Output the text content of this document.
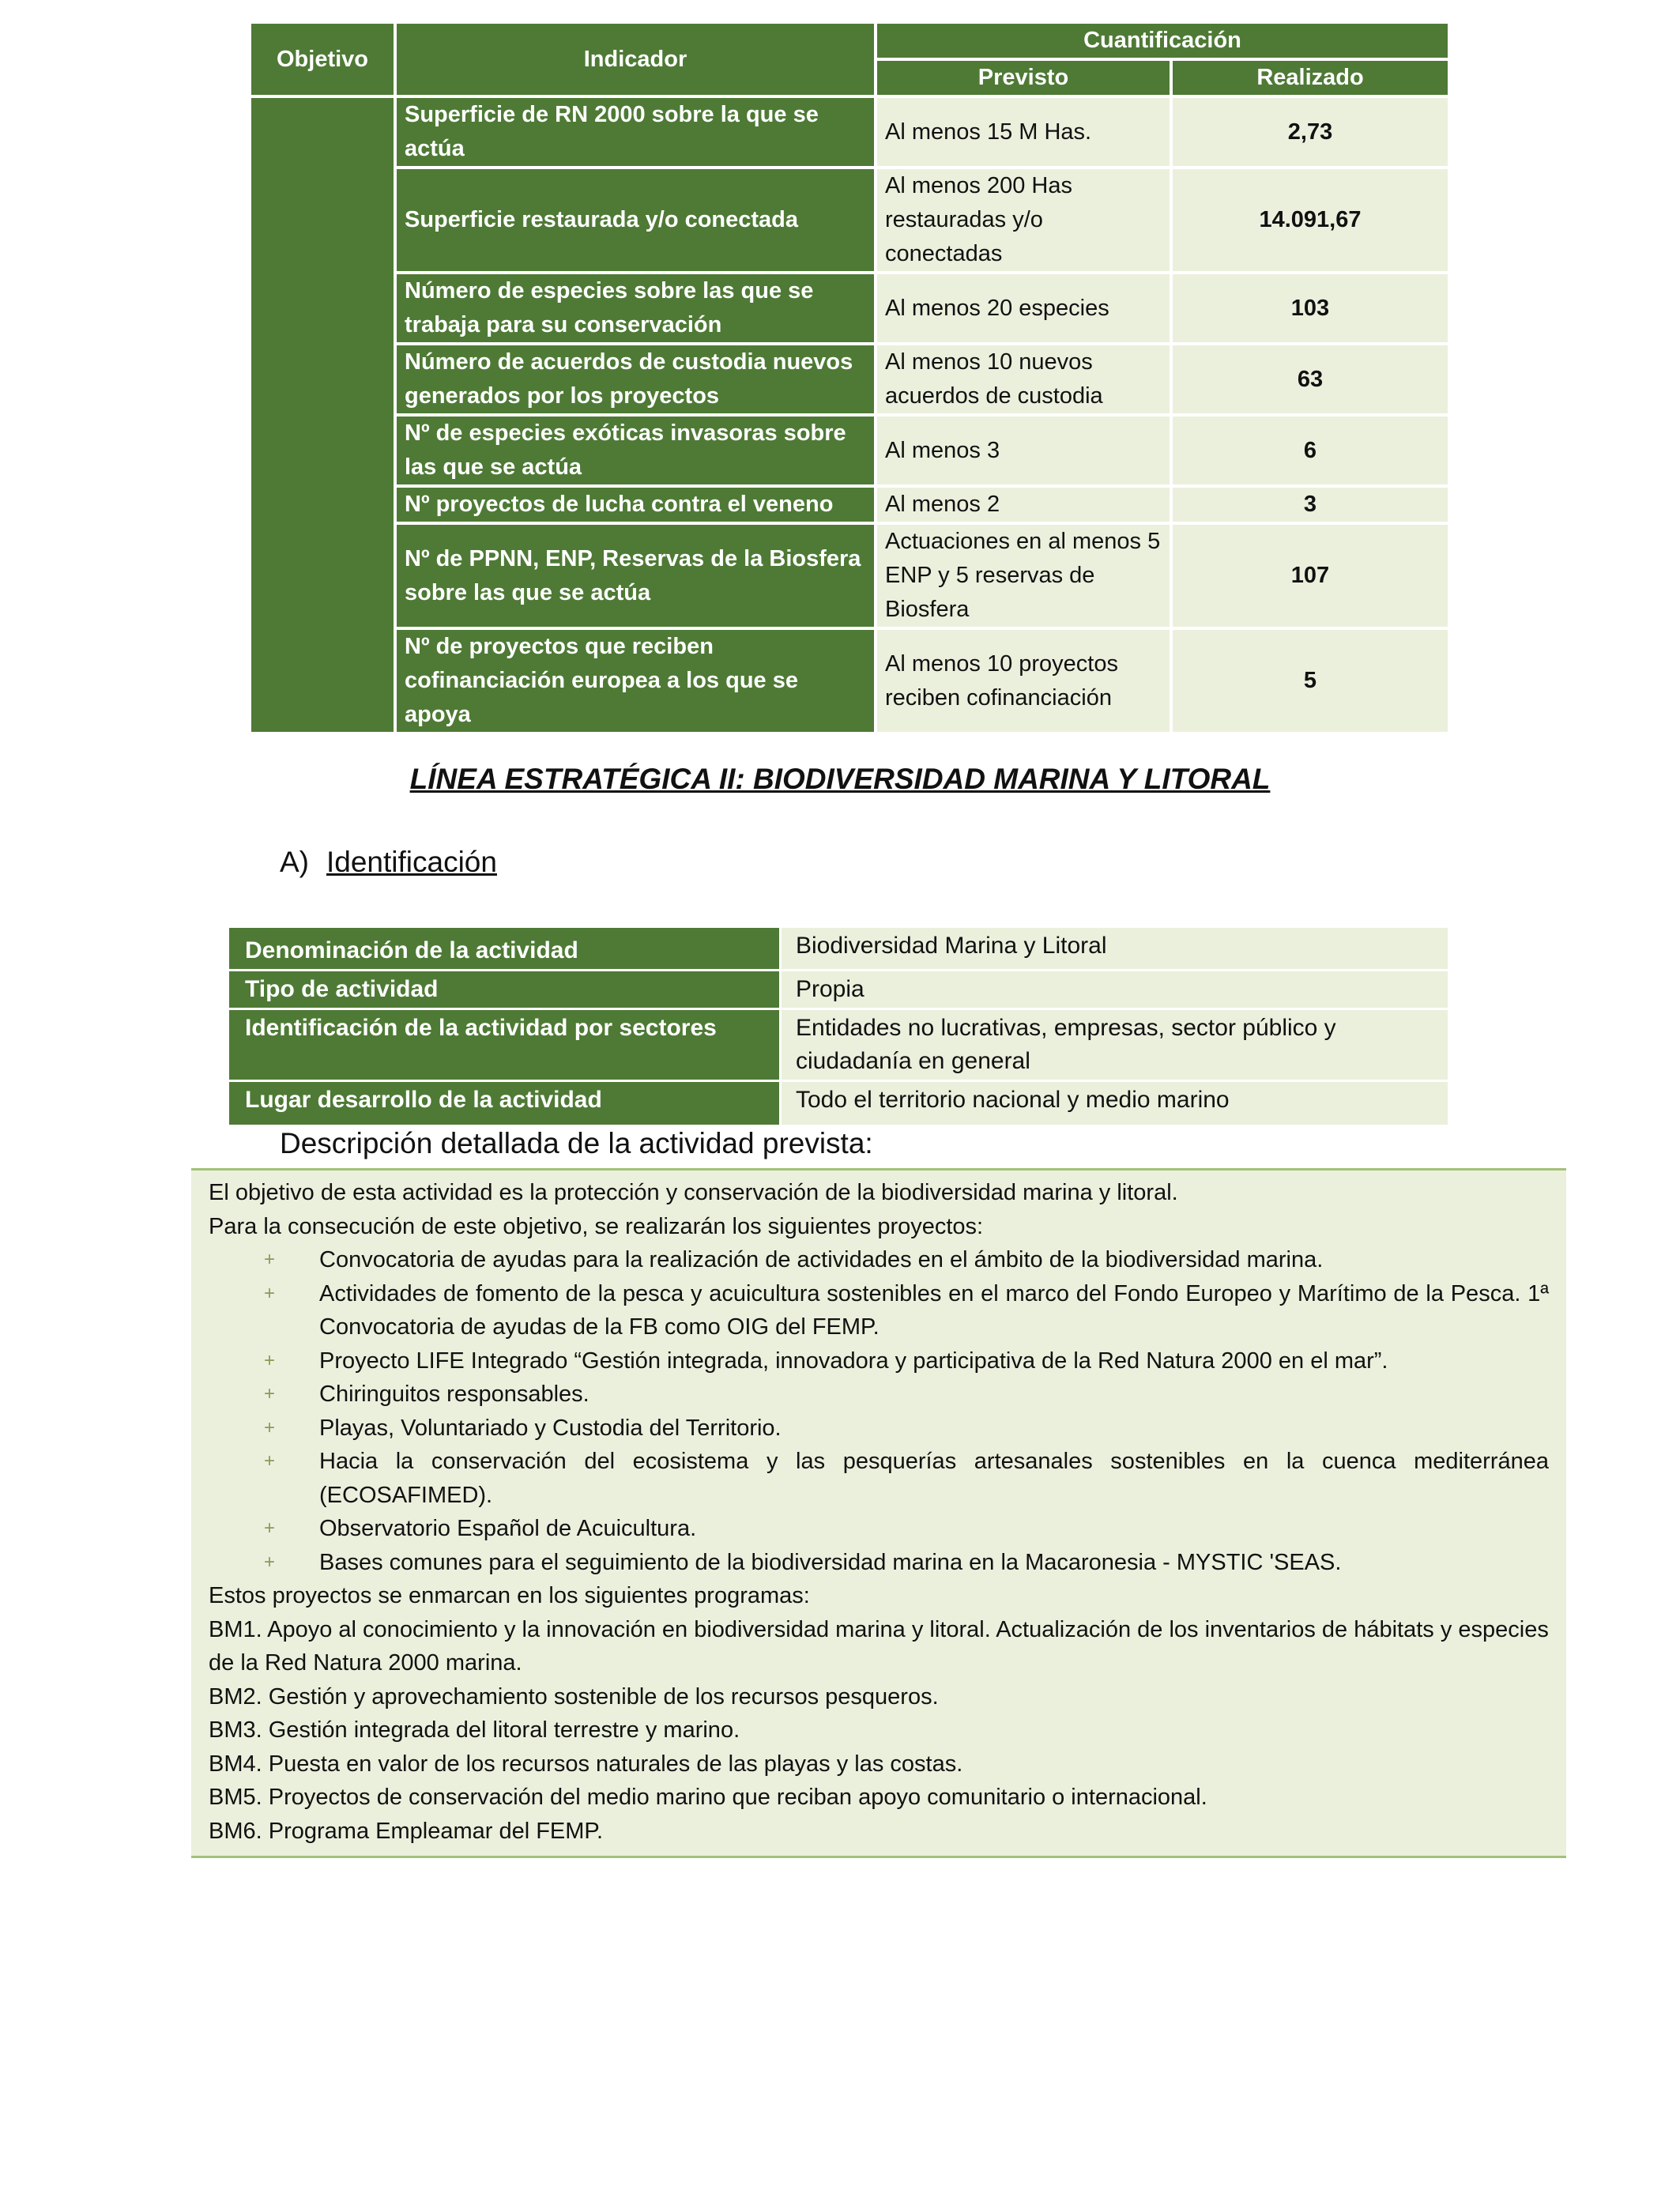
Objetivo	Indicador	Cuantificación	
		Previsto	Realizado
	Superficie de RN 2000 sobre la que se actúa	Al menos 15 M Has.	2,73
	Superficie restaurada y/o conectada	Al menos 200 Has restauradas y/o conectadas	14.091,67
	Número de especies sobre las que se trabaja para su conservación	Al menos 20 especies	103
	Número de acuerdos de custodia nuevos generados por los proyectos	Al menos 10 nuevos acuerdos de custodia	63
	Nº de especies exóticas invasoras sobre las que se actúa	Al menos 3	6
	Nº proyectos de lucha contra el veneno	Al menos 2	3
	Nº de PPNN, ENP, Reservas de la Biosfera sobre las que se actúa	Actuaciones en al menos 5 ENP y 5 reservas de Biosfera	107
	Nº de proyectos que reciben cofinanciación europea a los que se apoya	Al menos 10 proyectos reciben cofinanciación	5
LÍNEA ESTRATÉGICA II: BIODIVERSIDAD MARINA Y LITORAL
A) Identificación
Denominación de la actividad	Biodiversidad Marina y Litoral
Tipo de actividad	Propia
Identificación de la actividad por sectores	Entidades no lucrativas, empresas, sector público y ciudadanía en general
Lugar desarrollo de la actividad	Todo el territorio nacional y medio marino
Descripción detallada de la actividad prevista:

El objetivo de esta actividad es la protección y conservación de la biodiversidad marina y litoral.

Para la consecución de este objetivo, se realizarán los siguientes proyectos:

+ Convocatoria de ayudas para la realización de actividades en el ámbito de la biodiversidad marina.
+ Actividades de fomento de la pesca y acuicultura sostenibles en el marco del Fondo Europeo y Marítimo de la Pesca. 1ª Convocatoria de ayudas de la FB como OIG del FEMP.
+ Proyecto LIFE Integrado “Gestión integrada, innovadora y participativa de la Red Natura 2000 en el mar”.
+ Chiringuitos responsables.
+ Playas, Voluntariado y Custodia del Territorio.
+ Hacia la conservación del ecosistema y las pesquerías artesanales sostenibles en la cuenca mediterránea (ECOSAFIMED).
+ Observatorio Español de Acuicultura.
+ Bases comunes para el seguimiento de la biodiversidad marina en la Macaronesia - MYSTIC 'SEAS.

Estos proyectos se enmarcan en los siguientes programas:

BM1. Apoyo al conocimiento y la innovación en biodiversidad marina y litoral. Actualización de los inventarios de hábitats y especies de la Red Natura 2000 marina.

BM2. Gestión y aprovechamiento sostenible de los recursos pesqueros.

BM3. Gestión integrada del litoral terrestre y marino.

BM4. Puesta en valor de los recursos naturales de las playas y las costas.

BM5. Proyectos de conservación del medio marino que reciban apoyo comunitario o internacional.

BM6. Programa Empleamar del FEMP.
